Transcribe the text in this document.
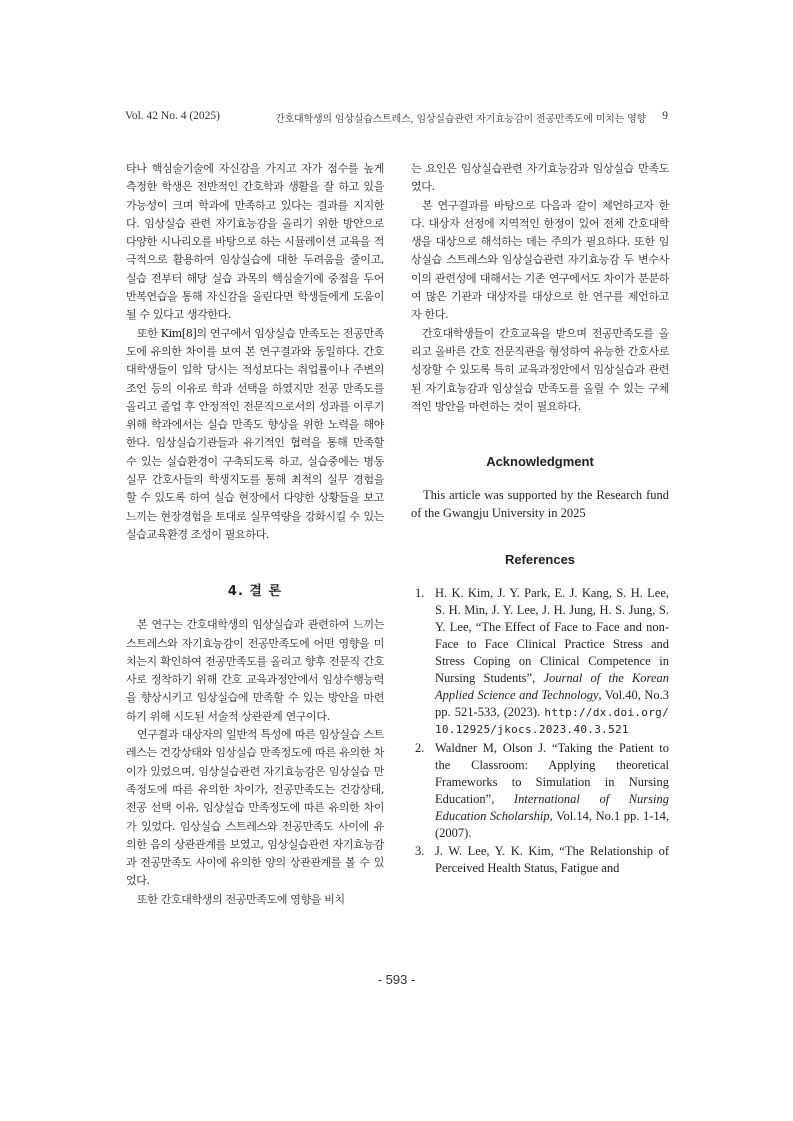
Vol. 42 No. 4 (2025)	간호대학생의 임상실습스트레스, 임상실습관련 자기효능감이 전공만족도에 미치는 영향 9

타나 핵심술기술에 자신감을 가지고 자가 점수를 높게 측정한 학생은 전반적인 간호학과 생활을 잘 하고 있을 가능성이 크며 학과에 만족하고 있다는 결과를 지지한다. 임상실습 관련 자기효능감을 올리기 위한 방안으로 다양한 시나리오를 바탕으로 하는 시뮬레이션 교육을 적극적으로 활용하여 임상실습에 대한 두려움을 줄이고, 실습 전부터 해당 실습 과목의 핵심술기에 중점을 두어 반복연습을 통해 자신감을 올린다면 학생들에게 도움이 될 수 있다고 생각한다.

또한 Kim[8]의 연구에서 임상실습 만족도는 전공만족도에 유의한 차이를 보여 본 연구결과와 동일하다. 간호 대학생들이 입학 당시는 적성보다는 취업률이나 주변의 조언 등의 이유로 학과 선택을 하였지만 전공 만족도를 올리고 졸업 후 안정적인 전문직으로서의 성과를 이루기 위해 학과에서는 실습 만족도 향상을 위한 노력을 해야 한다. 임상실습기관들과 유기적인 협력을 통해 만족할 수 있는 실습환경이 구축되도록 하고, 실습중에는 병동 실무 간호사들의 학생지도를 통해 최적의 실무 경험을 할 수 있도록 하여 실습 현장에서 다양한 상황들을 보고 느끼는 현장경험을 토대로 실무역량을 강화시킬 수 있는 실습교육환경 조성이 필요하다.

4. 결 론

본 연구는 간호대학생의 임상실습과 관련하여 느끼는 스트레스와 자기효능감이 전공만족도에 어떤 영향을 미치는지 확인하여 전공만족도를 올리고 향후 전문직 간호사로 정착하기 위해 간호 교육과정안에서 임상수행능력을 향상시키고 임상실습에 만족할 수 있는 방안을 마련하기 위해 시도된 서술적 상관관계 연구이다.

연구결과 대상자의 일반적 특성에 따른 임상실습 스트레스는 건강상태와 임상실습 만족정도에 따른 유의한 차이가 있었으며, 임상실습관련 자기효능감은 임상실습 만족정도에 따른 유의한 차이가, 전공만족도는 건강상태, 전공 선택 이유, 임상실습 만족정도에 따른 유의한 차이가 있었다. 임상실습 스트레스와 전공만족도 사이에 유의한 음의 상관관계를 보였고, 임상실습관련 자기효능감과 전공만족도 사이에 유의한 양의 상관관계를 볼 수 있었다.

또한 간호대학생의 전공만족도에 영향을 비치

는 요인은 임상실습관련 자기효능감과 임상실습 만족도였다.

본 연구결과를 바탕으로 다음과 같이 제언하고자 한다. 대상자 선정에 지역적인 한정이 있어 전체 간호대학생을 대상으로 해석하는 데는 주의가 필요하다. 또한 임상실습 스트레스와 임상실습관련 자기효능감 두 변수사이의 관련성에 대해서는 기존 연구에서도 차이가 분분하여 많은 기관과 대상자를 대상으로 한 연구를 제언하고자 한다.

간호대학생들이 간호교육을 받으며 전공만족도를 올리고 올바른 간호 전문직관을 형성하여 유능한 간호사로 성장할 수 있도록 특히 교육과정안에서 임상실습과 관련된 자기효능감과 임상실습 만족도를 올릴 수 있는 구체적인 방안을 마련하는 것이 필요하다.

Acknowledgment

This article was supported by the Research fund of the Gwangju University in 2025

References
1. H. K. Kim, J. Y. Park, E. J. Kang, S. H. Lee, S. H. Min, J. Y. Lee, J. H. Jung, H. S. Jung, S. Y. Lee, “The Effect of Face to Face and non-Face to Face Clinical Practice Stress and Stress Coping on Clinical Competence in Nursing Students”, Journal of the Korean Applied Science and Technology, Vol.40, No.3 pp. 521-533, (2023). http://dx.doi.org/10.12925/jkocs.2023.40.3.521
2. Waldner M, Olson J. “Taking the Patient to the Classroom: Applying theoretical Frameworks to Simulation in Nursing Education”, International of Nursing Education Scholarship, Vol.14, No.1 pp. 1-14, (2007).
3. J. W. Lee, Y. K. Kim, “The Relationship of Perceived Health Status, Fatigue and
- 593 -
